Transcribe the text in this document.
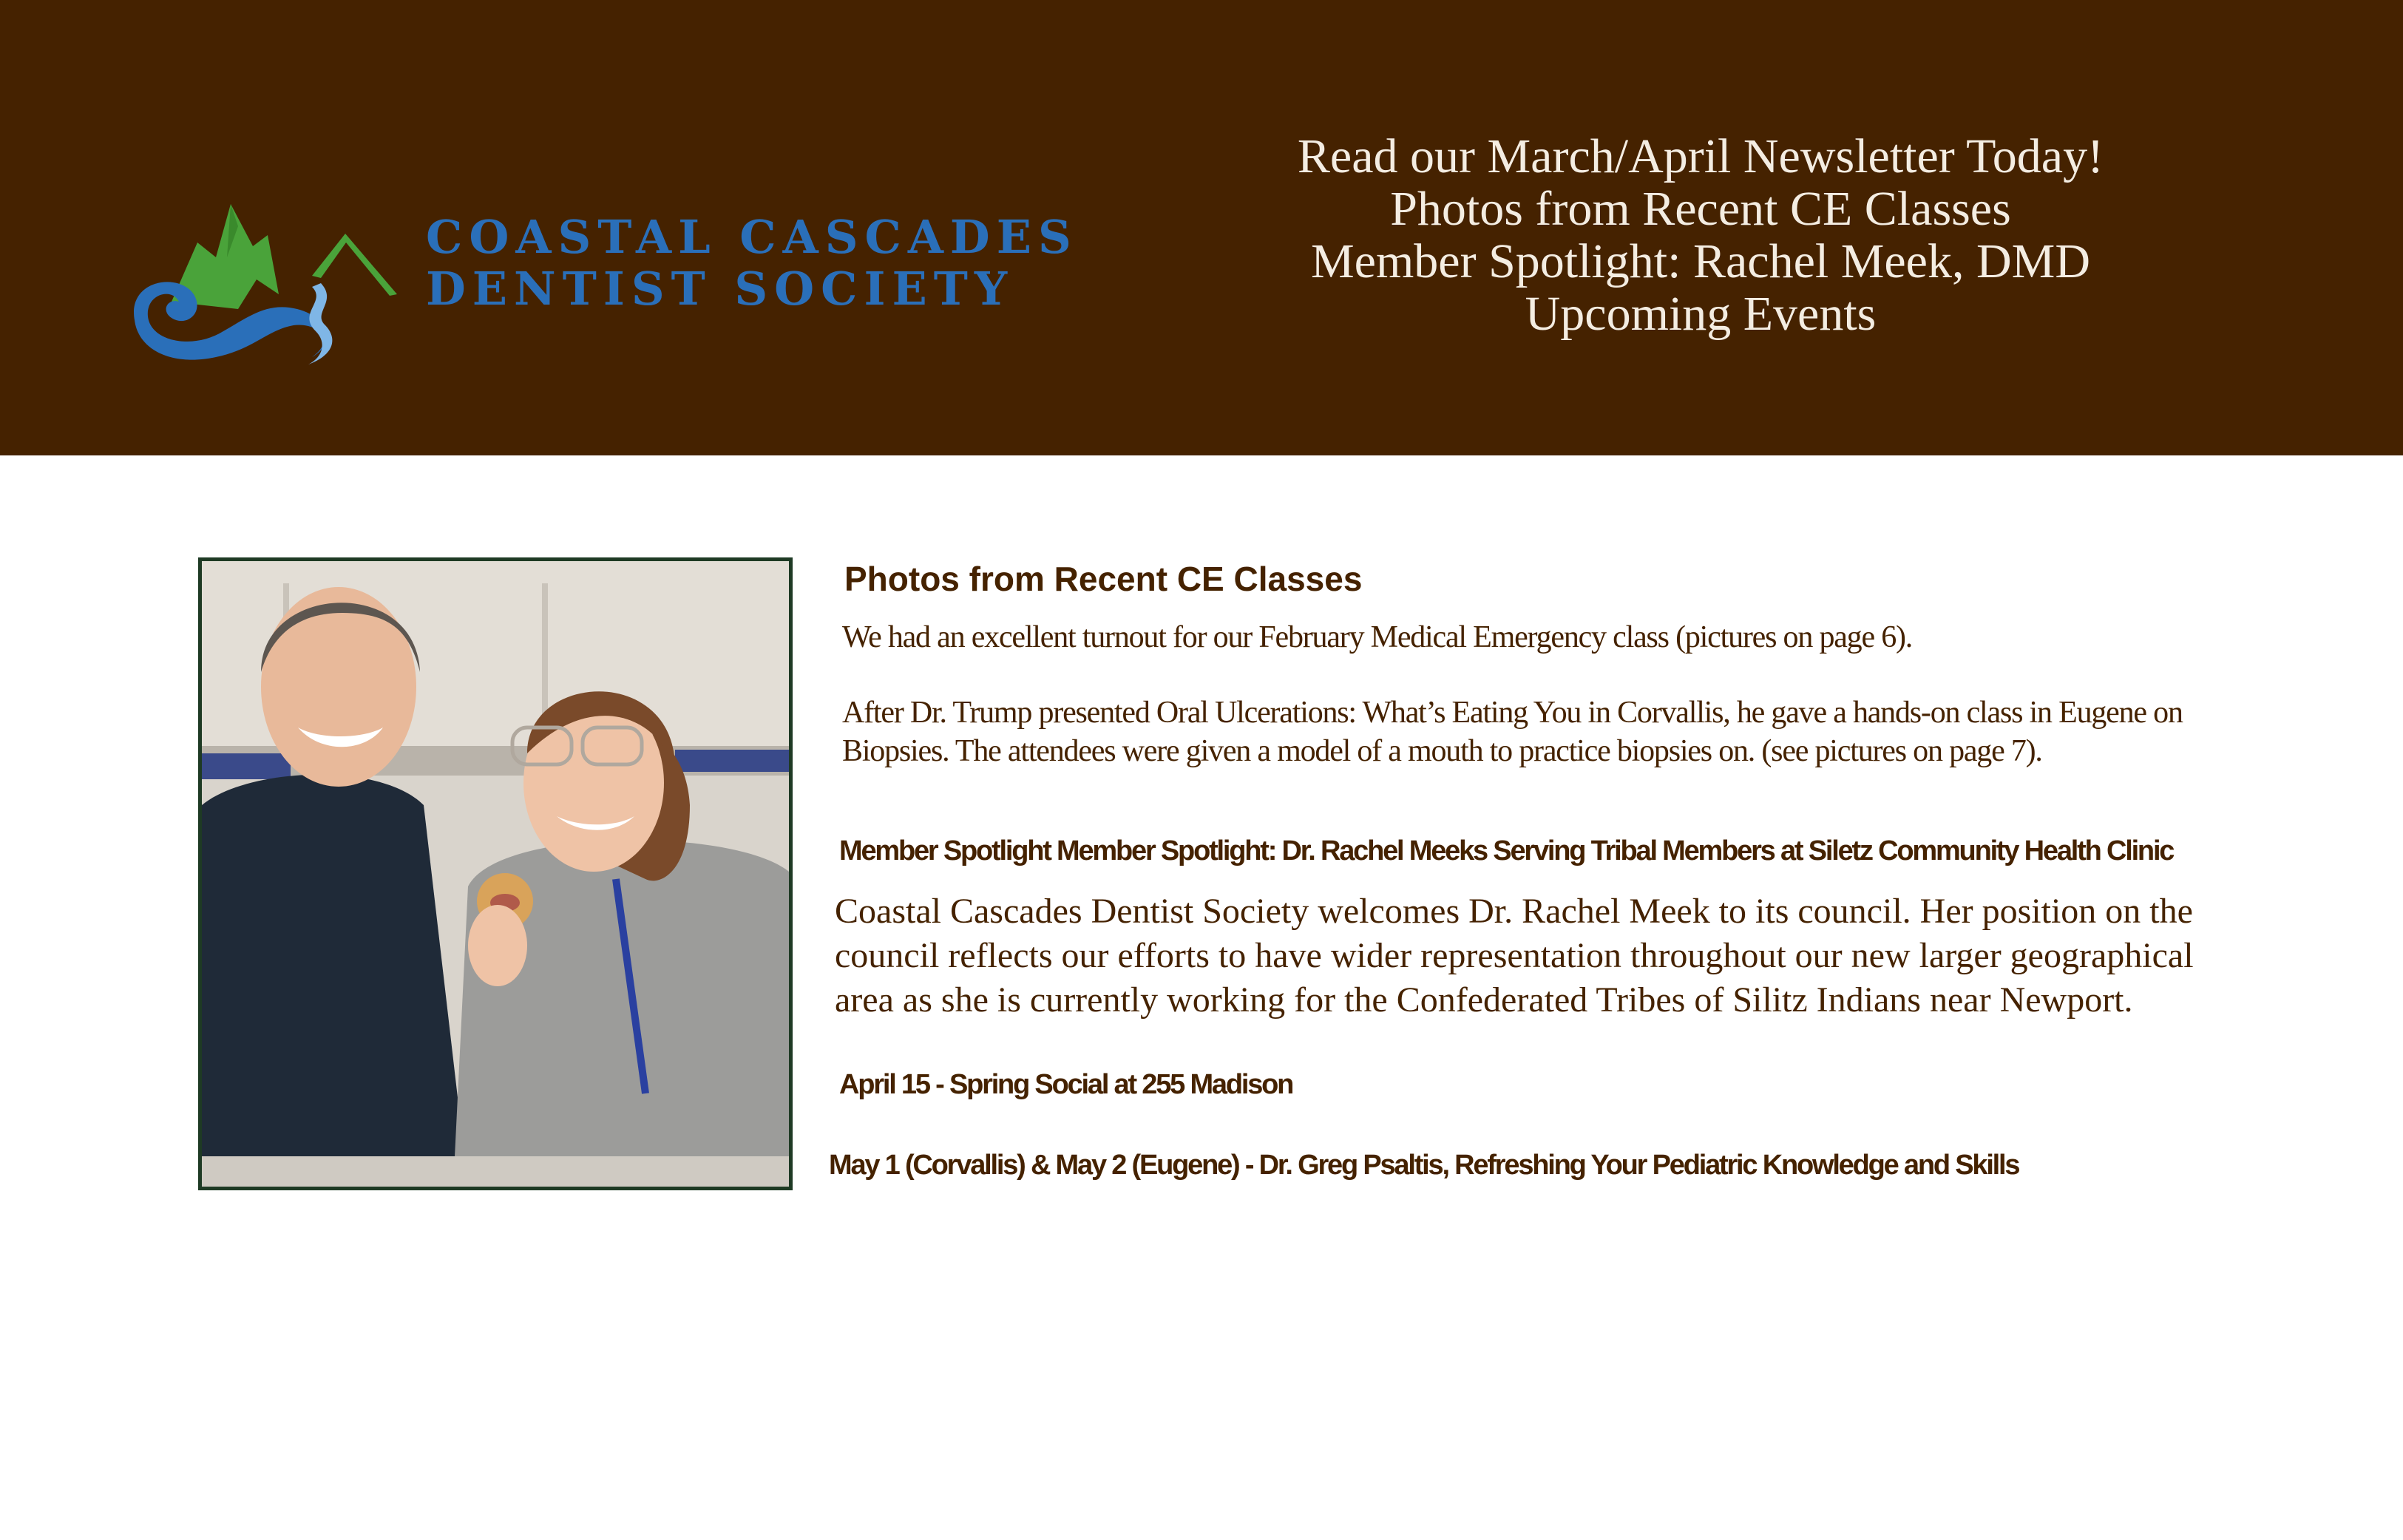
COASTAL CASCADES
DENTIST SOCIETY
Read our March/April Newsletter Today!
Photos from Recent CE Classes
Member Spotlight: Rachel Meek, DMD
Upcoming Events
Photos from Recent CE Classes
We had an excellent turnout for our February Medical Emergency class (pictures on page 6).
After Dr. Trump presented Oral Ulcerations: What’s Eating You in Corvallis, he gave a hands-on class in Eugene on Biopsies. The attendees were given a model of a mouth to practice biopsies on. (see pictures on page 7).
Member Spotlight Member Spotlight: Dr. Rachel Meeks Serving Tribal Members at Siletz Community Health Clinic
Coastal Cascades Dentist Society welcomes Dr. Rachel Meek to its council. Her position on the council reflects our efforts to have wider representation throughout our new larger geographical area as she is currently working for the Confederated Tribes of Silitz Indians near Newport.
April 15 - Spring Social at 255 Madison
May 1 (Corvallis) & May 2 (Eugene) - Dr. Greg Psaltis, Refreshing Your Pediatric Knowledge and Skills
